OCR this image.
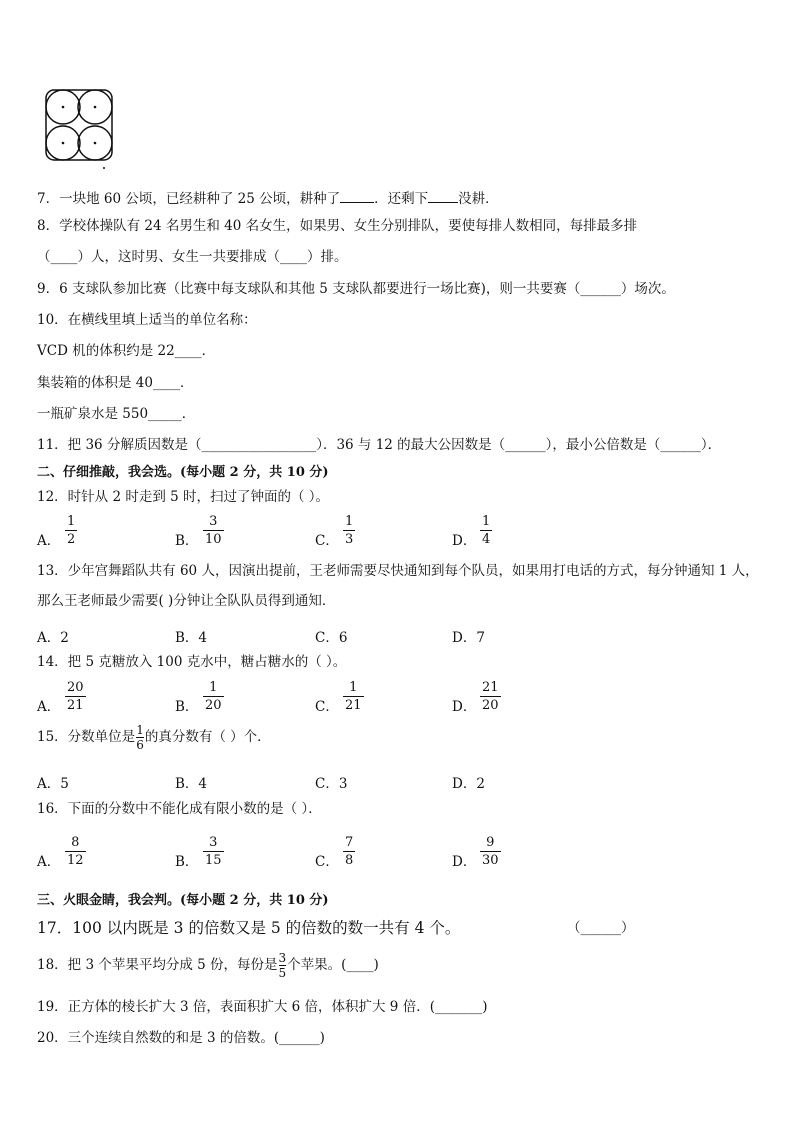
7．一块地 60 公顷，已经耕种了 25 公顷，耕种了	．还剩下 没耕．
8．学校体操队有 24 名男生和 40 名女生，如果男、女生分别排队，要使每排人数相同，每排最多排
（____）人，这时男、女生一共要排成（____）排。
9．6 支球队参加比赛（比赛中每支球队和其他 5 支球队都要进行一场比赛)，则一共要赛（______）场次。
10．在横线里填上适当的单位名称：
VCD 机的体积约是 22____．
集装箱的体积是 40____．
一瓶矿泉水是 550_____．
11．把 36 分解质因数是（_________________）．36 与 12 的最大公因数是（______），最小公倍数是（______）．
二、仔细推敲，我会选。(每小题 2 分，共 10 分)
12．时针从 2 时走到 5 时，扫过了钟面的（ ）。
A．
1
2	B．
3
10	C．
1
3	D．
1
4
13．少年宫舞蹈队共有 60 人，因演出提前，王老师需要尽快通知到每个队员，如果用打电话的方式，每分钟通知 1 人，
那么王老师最少需要( )分钟让全队队员得到通知．
A．2	B．4	C．6	D．7
14．把 5 克糖放入 100 克水中，糖占糖水的（ ）。
A．
20
21	B．
1
20	C．
1
21	D．
21
20
15．分数单位是 $\frac{1}{6}$ 的真分数有（ ）个．
A．5	B．4	C．3	D．2
16．下面的分数中不能化成有限小数的是（ ）．
A．
8
12	B．
3
15	C．
7
8	D．
9
30
三、火眼金睛，我会判。(每小题 2 分，共 10 分)
17．100 以内既是 3 的倍数又是 5 的倍数的数一共有 4 个。	（______）
18．把 3 个苹果平均分成 5 份，每份是 $\frac{3}{5}$ 个苹果。(____)
19．正方体的棱长扩大 3 倍，表面积扩大 6 倍，体积扩大 9 倍．(_______)
20．三个连续自然数的和是 3 的倍数。(______)
